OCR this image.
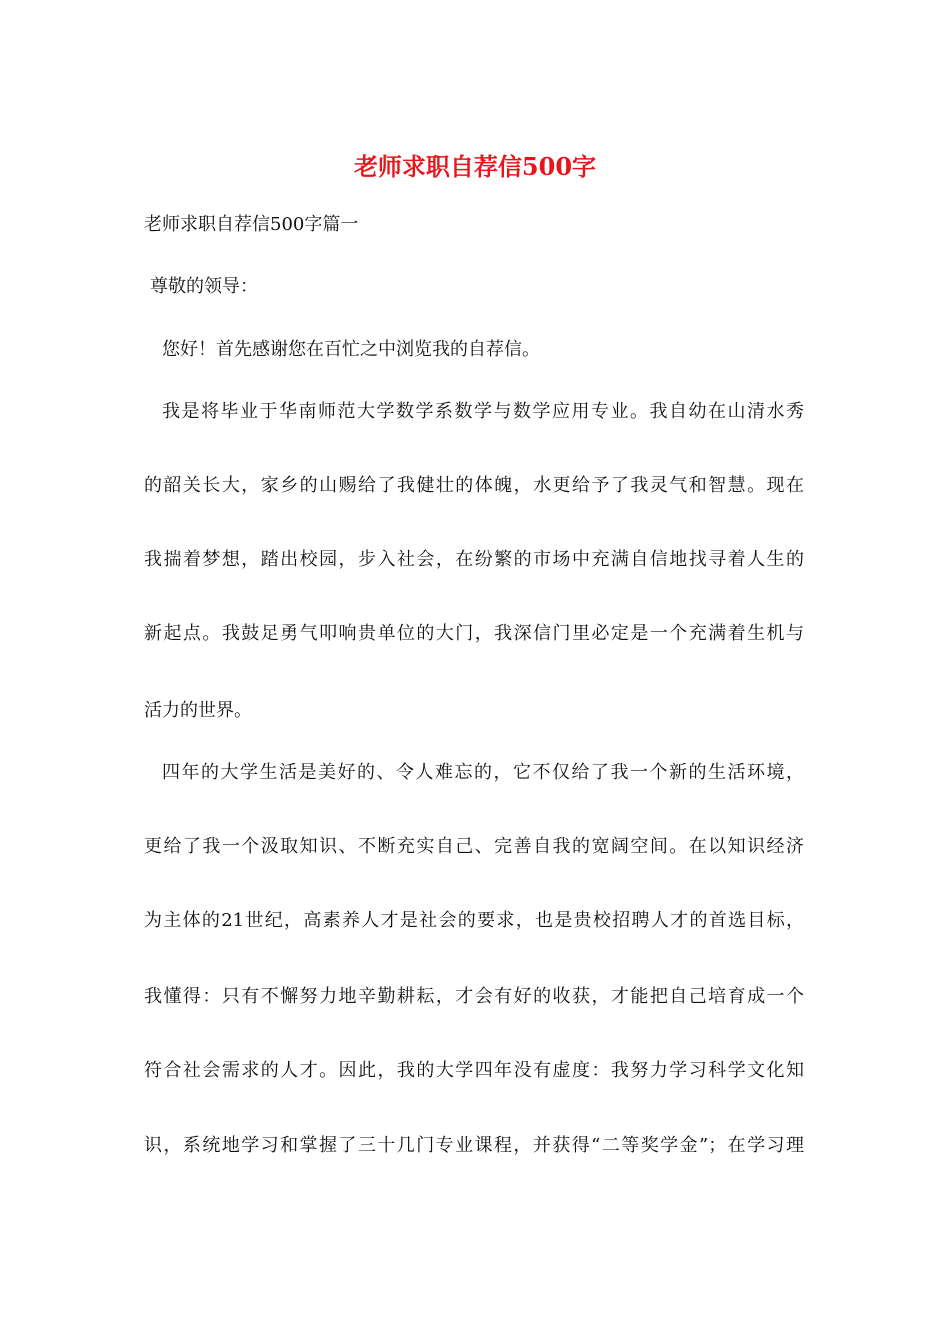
老师求职自荐信500字

老师求职自荐信500字篇一

尊敬的领导：

您好！首先感谢您在百忙之中浏览我的自荐信。

我是将毕业于华南师范大学数学系数学与数学应用专业。我自幼在山清水秀

的韶关长大，家乡的山赐给了我健壮的体魄，水更给予了我灵气和智慧。现在

我揣着梦想，踏出校园，步入社会，在纷繁的市场中充满自信地找寻着人生的

新起点。我鼓足勇气叩响贵单位的大门，我深信门里必定是一个充满着生机与

活力的世界。

四年的大学生活是美好的、令人难忘的，它不仅给了我一个新的生活环境，

更给了我一个汲取知识、不断充实自己、完善自我的宽阔空间。在以知识经济

为主体的21世纪，高素养人才是社会的要求，也是贵校招聘人才的首选目标，

我懂得：只有不懈努力地辛勤耕耘，才会有好的收获，才能把自己培育成一个

符合社会需求的人才。因此，我的大学四年没有虚度：我努力学习科学文化知

识，系统地学习和掌握了三十几门专业课程，并获得“二等奖学金”；在学习理
